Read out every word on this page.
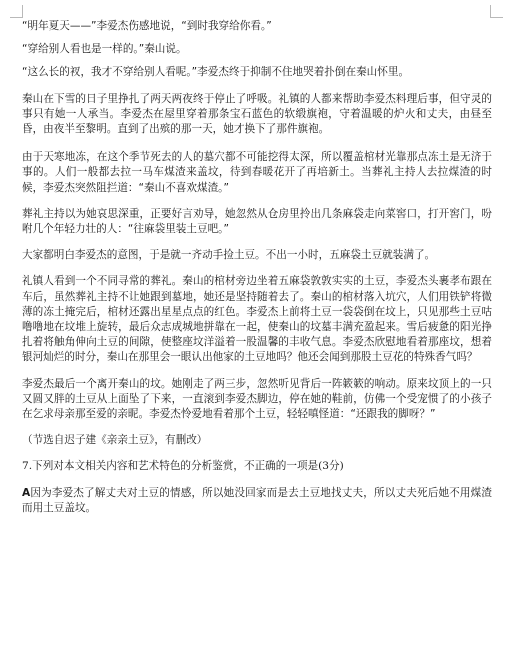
“明年夏天——”李爱杰伤感地说，“到时我穿给你看。”

“穿给别人看也是一样的。”秦山说。

“这么长的衩，我才不穿给别人看呢。”李爱杰终于抑制不住地哭着扑倒在秦山怀里。

秦山在下雪的日子里挣扎了两天两夜终于停止了呼吸。礼镇的人都来帮助李爱杰料理后事，但守灵的事只有她一人承当。李爱杰在屋里穿着那条宝石蓝色的软缎旗袍，守着温暖的炉火和丈夫，由昼至昏，由夜半至黎明。直到了出殡的那一天，她才换下了那件旗袍。

由于天寒地冻，在这个季节死去的人的墓穴都不可能挖得太深，所以覆盖棺材光靠那点冻土是无济于事的。人们一般都去拉一马车煤渣来盖坟，待到春暖花开了再培新土。当葬礼主持人去拉煤渣的时候，李爱杰突然阻拦道：“秦山不喜欢煤渣。”

葬礼主持以为她哀思深重，正要好言劝导，她忽然从仓房里拎出几条麻袋走向菜窖口，打开窖门，吩咐几个年轻力壮的人：“往麻袋里装土豆吧。”

大家都明白李爱杰的意图，于是就一齐动手捡土豆。不出一小时，五麻袋土豆就装满了。

礼镇人看到一个不同寻常的葬礼。秦山的棺材旁边坐着五麻袋敦敦实实的土豆，李爱杰头裹孝布跟在车后，虽然葬礼主持不让她跟到墓地，她还是坚持随着去了。秦山的棺材落入坑穴，人们用铁铲将微薄的冻土掩完后，棺材还露出星星点点的红色。李爱杰上前将土豆一袋袋倒在坟上，只见那些土豆咕噜噜地在坟堆上旋转，最后众志成城地拼靠在一起，使秦山的坟墓丰满充盈起来。雪后疲惫的阳光挣扎着将触角伸向土豆的间隙，使整座坟洋溢着一股温馨的丰收气息。李爱杰欣慰地看着那座坟，想着银河灿烂的时分，秦山在那里会一眼认出他家的土豆地吗？他还会闻到那股土豆花的特殊香气吗？

李爱杰最后一个离开秦山的坟。她刚走了两三步，忽然听见背后一阵簌簌的响动。原来坟顶上的一只又圆又胖的土豆从上面坠了下来，一直滚到李爱杰脚边，停在她的鞋前，仿佛一个受宠惯了的小孩子在乞求母亲那至爱的亲昵。李爱杰怜爱地看着那个土豆，轻轻嗔怪道：“还跟我的脚呀？”

（节选自迟子建《亲亲土豆》，有删改）

7.下列对本文相关内容和艺术特色的分析鉴赏，不正确的一项是(3分)

A因为李爱杰了解丈夫对土豆的情感，所以她没回家而是去土豆地找丈夫，所以丈夫死后她不用煤渣而用土豆盖坟。
